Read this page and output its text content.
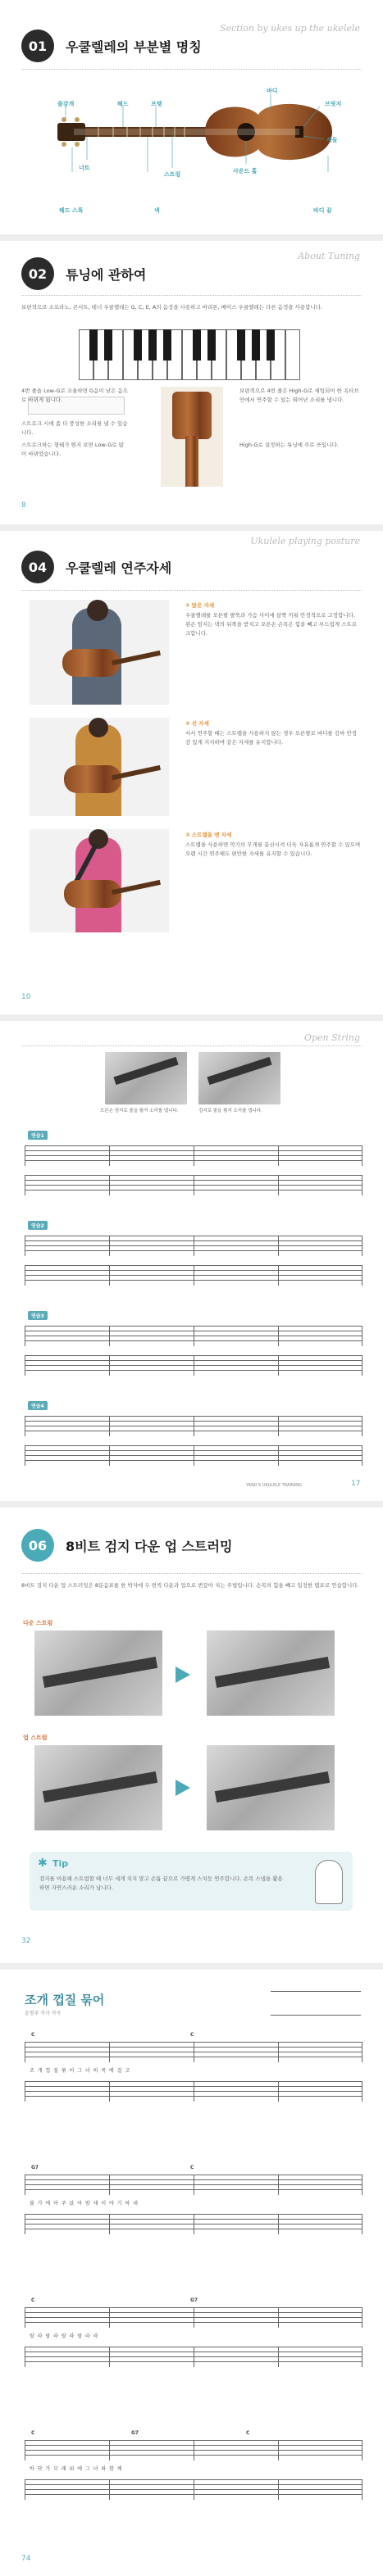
01	우쿨렐레의 부분별 명칭
Section by ukes up the ukelele
헤드	프렛
넥
바디
브릿지
새들
너트
줄감개
사운드 홀
스트링
헤드 스톡	바디 끝
02	튜닝에 관하여
About Tuning
보편적으로 소프라노, 콘서트, 테너 우쿨렐레는 G, C, E, A의 음정을 사용하고 바리톤, 베이스 우쿨렐레는 다른 음정을 사용합니다.
4번 줄을 Low-G로 조율하면 G음이 낮은 음으로 바뀌게 됩니다.
스트로크 시에 좀 더 풍성한 소리를 낼 수 있습니다.
스트로크하는 형태가 뭔지 보면 Low-G로 많이 바뀌었습니다.
보편적으로 4번 줄은 High-G로 세팅되어 한 옥타브 안에서 연주할 수 있는 뛰어난 소리를 냅니다.
High-G로 설정하는 튜닝에 주로 쓰입니다.
8
Ukulele playing posture
04	우쿨렐레 연주자세
① 앉은 자세
우쿨렐레를 오른팔 팔뚝과 가슴 사이에 살짝 끼워 안정적으로 고정합니다. 왼손 엄지는 넥의 뒤쪽을 받치고 오른손 손목은 힘을 빼고 부드럽게 스트로크합니다.
② 선 자세
서서 연주할 때는 스트랩을 사용하지 않는 경우 오른팔로 바디를 감싸 안정감 있게 지지하며 같은 자세를 유지합니다.
③ 스트랩을 멘 자세
스트랩을 사용하면 악기의 무게를 분산시켜 더욱 자유롭게 연주할 수 있으며 오랜 시간 연주해도 편안한 자세를 유지할 수 있습니다.
10
Open String
오른손 엄지로 줄을 튕겨 소리를 냅니다.	검지로 줄을 튕겨 소리를 냅니다.
연습1
연습2
연습3
연습4
YANG'S UKULELE TRAINING	17
06	8비트 검지 다운 업 스트러밍
8비트 검지 다운 업 스트러밍은 8분음표를 한 박자에 두 번씩 다운과 업으로 번갈아 치는 주법입니다. 손목의 힘을 빼고 일정한 템포로 연습합니다.
다운 스트럼
업 스트럼
✱ Tip
검지를 이용해 스트럼할 때 너무 세게 치지 말고 손톱 끝으로 가볍게 스치듯 연주합니다. 손목 스냅을 활용하면 자연스러운 소리가 납니다.
32
조개 껍질 묶어
윤형주 작사 작곡
C	C
조 개 껍 질 묶 어 그 녀 의 목 에 걸 고
G7	C
불 가 에 마 주 앉 아 밤 새 이 야 기 하 네
C	G7
랄 라 랄 라 랄 라 랄 라 라
C	G7	C
바 닷 가 모 래 위 에 그 녀 와 함 께
74
